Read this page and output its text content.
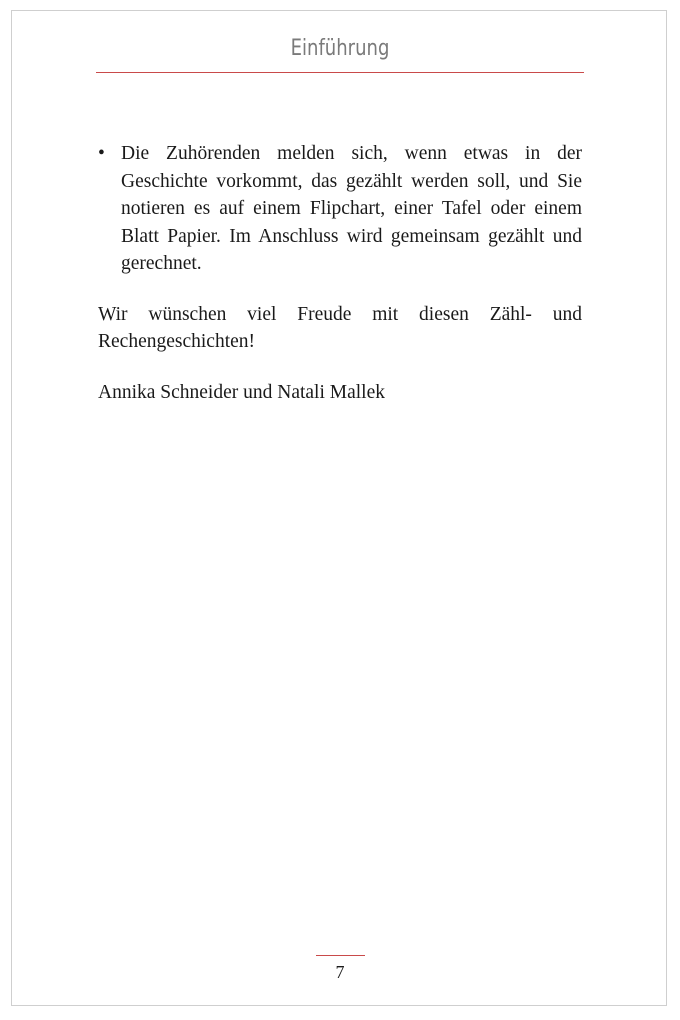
Einführung
• Die Zuhörenden melden sich, wenn etwas in der Geschichte vorkommt, das gezählt werden soll, und Sie notieren es auf einem Flipchart, einer Tafel oder einem Blatt Papier. Im Anschluss wird gemeinsam gezählt und gerechnet.
Wir wünschen viel Freude mit diesen Zähl- und Rechengeschichten!
Annika Schneider und Natali Mallek
7
